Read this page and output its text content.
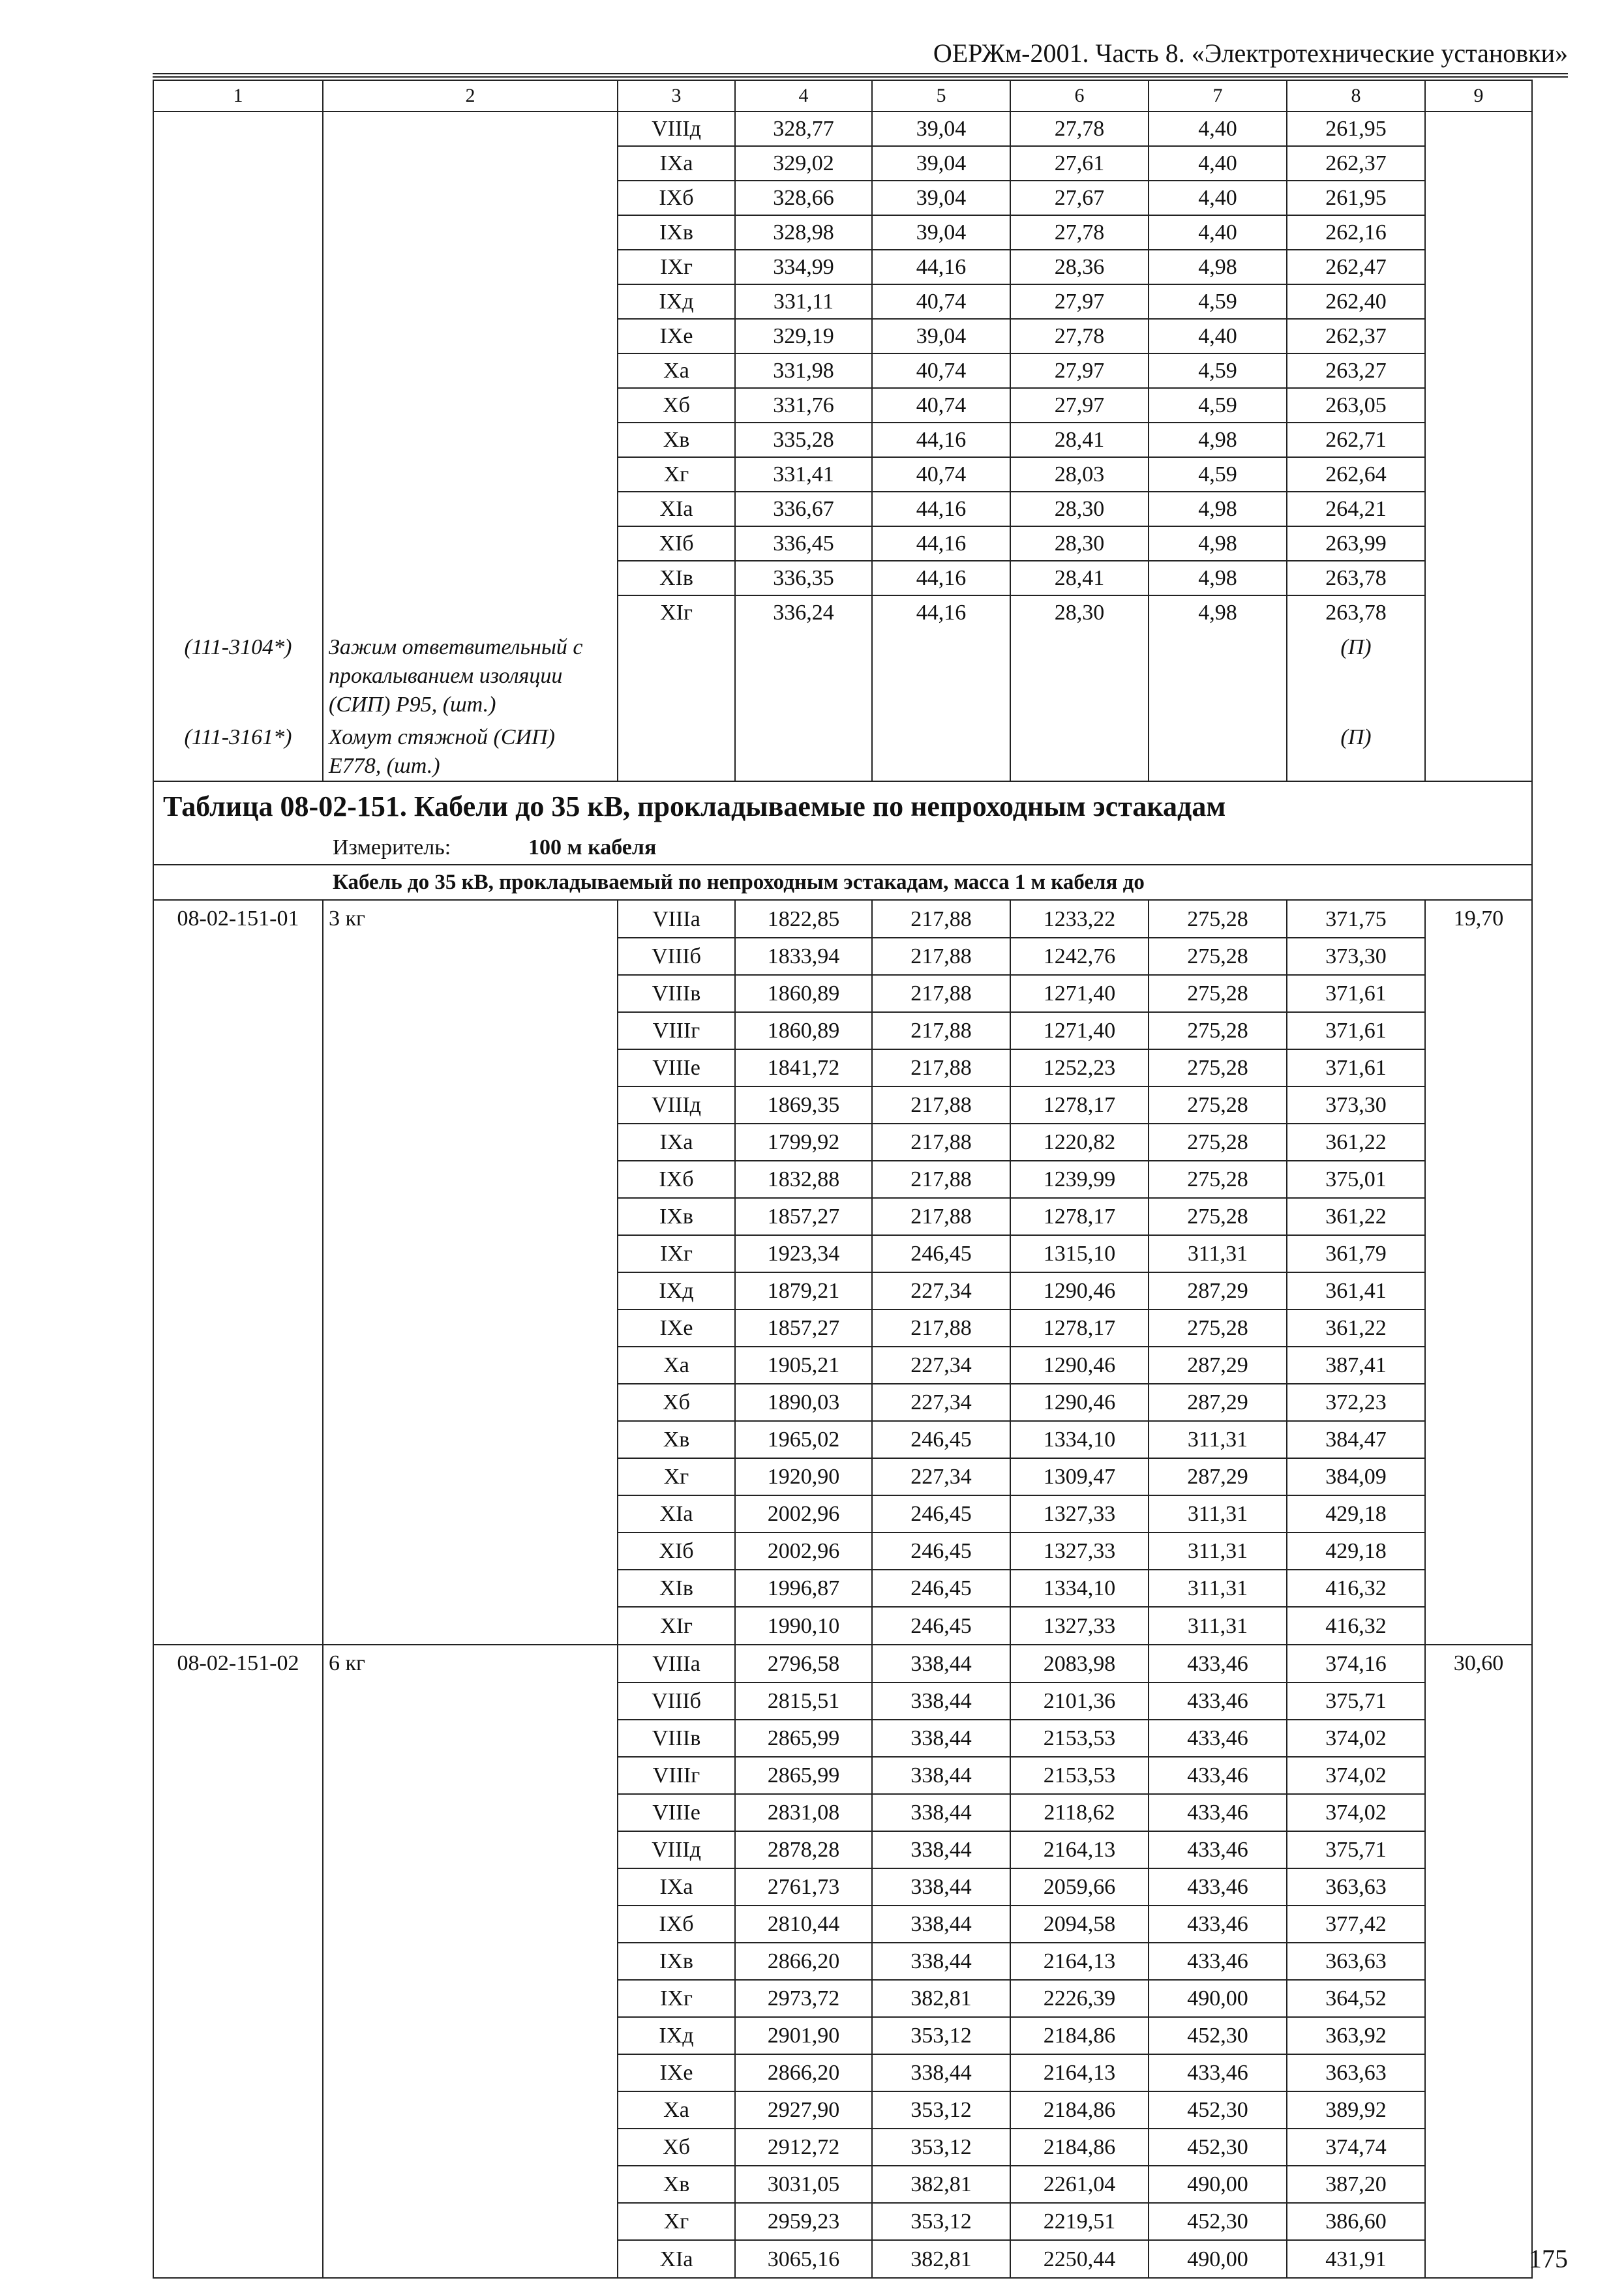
ОЕРЖм-2001. Часть 8. «Электротехнические установки»
1	2	3	4	5	6	7	8	9
		VIIIд	328,77	39,04	27,78	4,40	261,95	
		IXа	329,02	39,04	27,61	4,40	262,37	
		IXб	328,66	39,04	27,67	4,40	261,95	
		IXв	328,98	39,04	27,78	4,40	262,16	
		IXг	334,99	44,16	28,36	4,98	262,47	
		IXд	331,11	40,74	27,97	4,59	262,40	
		IXе	329,19	39,04	27,78	4,40	262,37	
		Xа	331,98	40,74	27,97	4,59	263,27	
		Xб	331,76	40,74	27,97	4,59	263,05	
		Xв	335,28	44,16	28,41	4,98	262,71	
		Xг	331,41	40,74	28,03	4,59	262,64	
		XIа	336,67	44,16	28,30	4,98	264,21	
		XIб	336,45	44,16	28,30	4,98	263,99	
		XIв	336,35	44,16	28,41	4,98	263,78	
		XIг	336,24	44,16	28,30	4,98	263,78	
(111-3104*)	Зажим ответвительный с прокалыванием изоляции (СИП) Р95, (шт.)						(П)	
(111-3161*)	Хомут стяжной (СИП) Е778, (шт.)						(П)	
Таблица 08-02-151. Кабели до 35 кВ, прокладываемые по непроходным эстакадам								
Измеритель: 100 м кабеля								
Кабель до 35 кВ, прокладываемый по непроходным эстакадам, масса 1 м кабеля до								
08-02-151-01	3 кг	VIIIа	1822,85	217,88	1233,22	275,28	371,75	19,70
		VIIIб	1833,94	217,88	1242,76	275,28	373,30	
		VIIIв	1860,89	217,88	1271,40	275,28	371,61	
		VIIIг	1860,89	217,88	1271,40	275,28	371,61	
		VIIIе	1841,72	217,88	1252,23	275,28	371,61	
		VIIIд	1869,35	217,88	1278,17	275,28	373,30	
		IXа	1799,92	217,88	1220,82	275,28	361,22	
		IXб	1832,88	217,88	1239,99	275,28	375,01	
		IXв	1857,27	217,88	1278,17	275,28	361,22	
		IXг	1923,34	246,45	1315,10	311,31	361,79	
		IXд	1879,21	227,34	1290,46	287,29	361,41	
		IXе	1857,27	217,88	1278,17	275,28	361,22	
		Xа	1905,21	227,34	1290,46	287,29	387,41	
		Xб	1890,03	227,34	1290,46	287,29	372,23	
		Xв	1965,02	246,45	1334,10	311,31	384,47	
		Xг	1920,90	227,34	1309,47	287,29	384,09	
		XIа	2002,96	246,45	1327,33	311,31	429,18	
		XIб	2002,96	246,45	1327,33	311,31	429,18	
		XIв	1996,87	246,45	1334,10	311,31	416,32	
		XIг	1990,10	246,45	1327,33	311,31	416,32	
08-02-151-02	6 кг	VIIIа	2796,58	338,44	2083,98	433,46	374,16	30,60
		VIIIб	2815,51	338,44	2101,36	433,46	375,71	
		VIIIв	2865,99	338,44	2153,53	433,46	374,02	
		VIIIг	2865,99	338,44	2153,53	433,46	374,02	
		VIIIе	2831,08	338,44	2118,62	433,46	374,02	
		VIIIд	2878,28	338,44	2164,13	433,46	375,71	
		IXа	2761,73	338,44	2059,66	433,46	363,63	
		IXб	2810,44	338,44	2094,58	433,46	377,42	
		IXв	2866,20	338,44	2164,13	433,46	363,63	
		IXг	2973,72	382,81	2226,39	490,00	364,52	
		IXд	2901,90	353,12	2184,86	452,30	363,92	
		IXе	2866,20	338,44	2164,13	433,46	363,63	
		Xа	2927,90	353,12	2184,86	452,30	389,92	
		Xб	2912,72	353,12	2184,86	452,30	374,74	
		Xв	3031,05	382,81	2261,04	490,00	387,20	
		Xг	2959,23	353,12	2219,51	452,30	386,60	
		XIа	3065,16	382,81	2250,44	490,00	431,91		175
